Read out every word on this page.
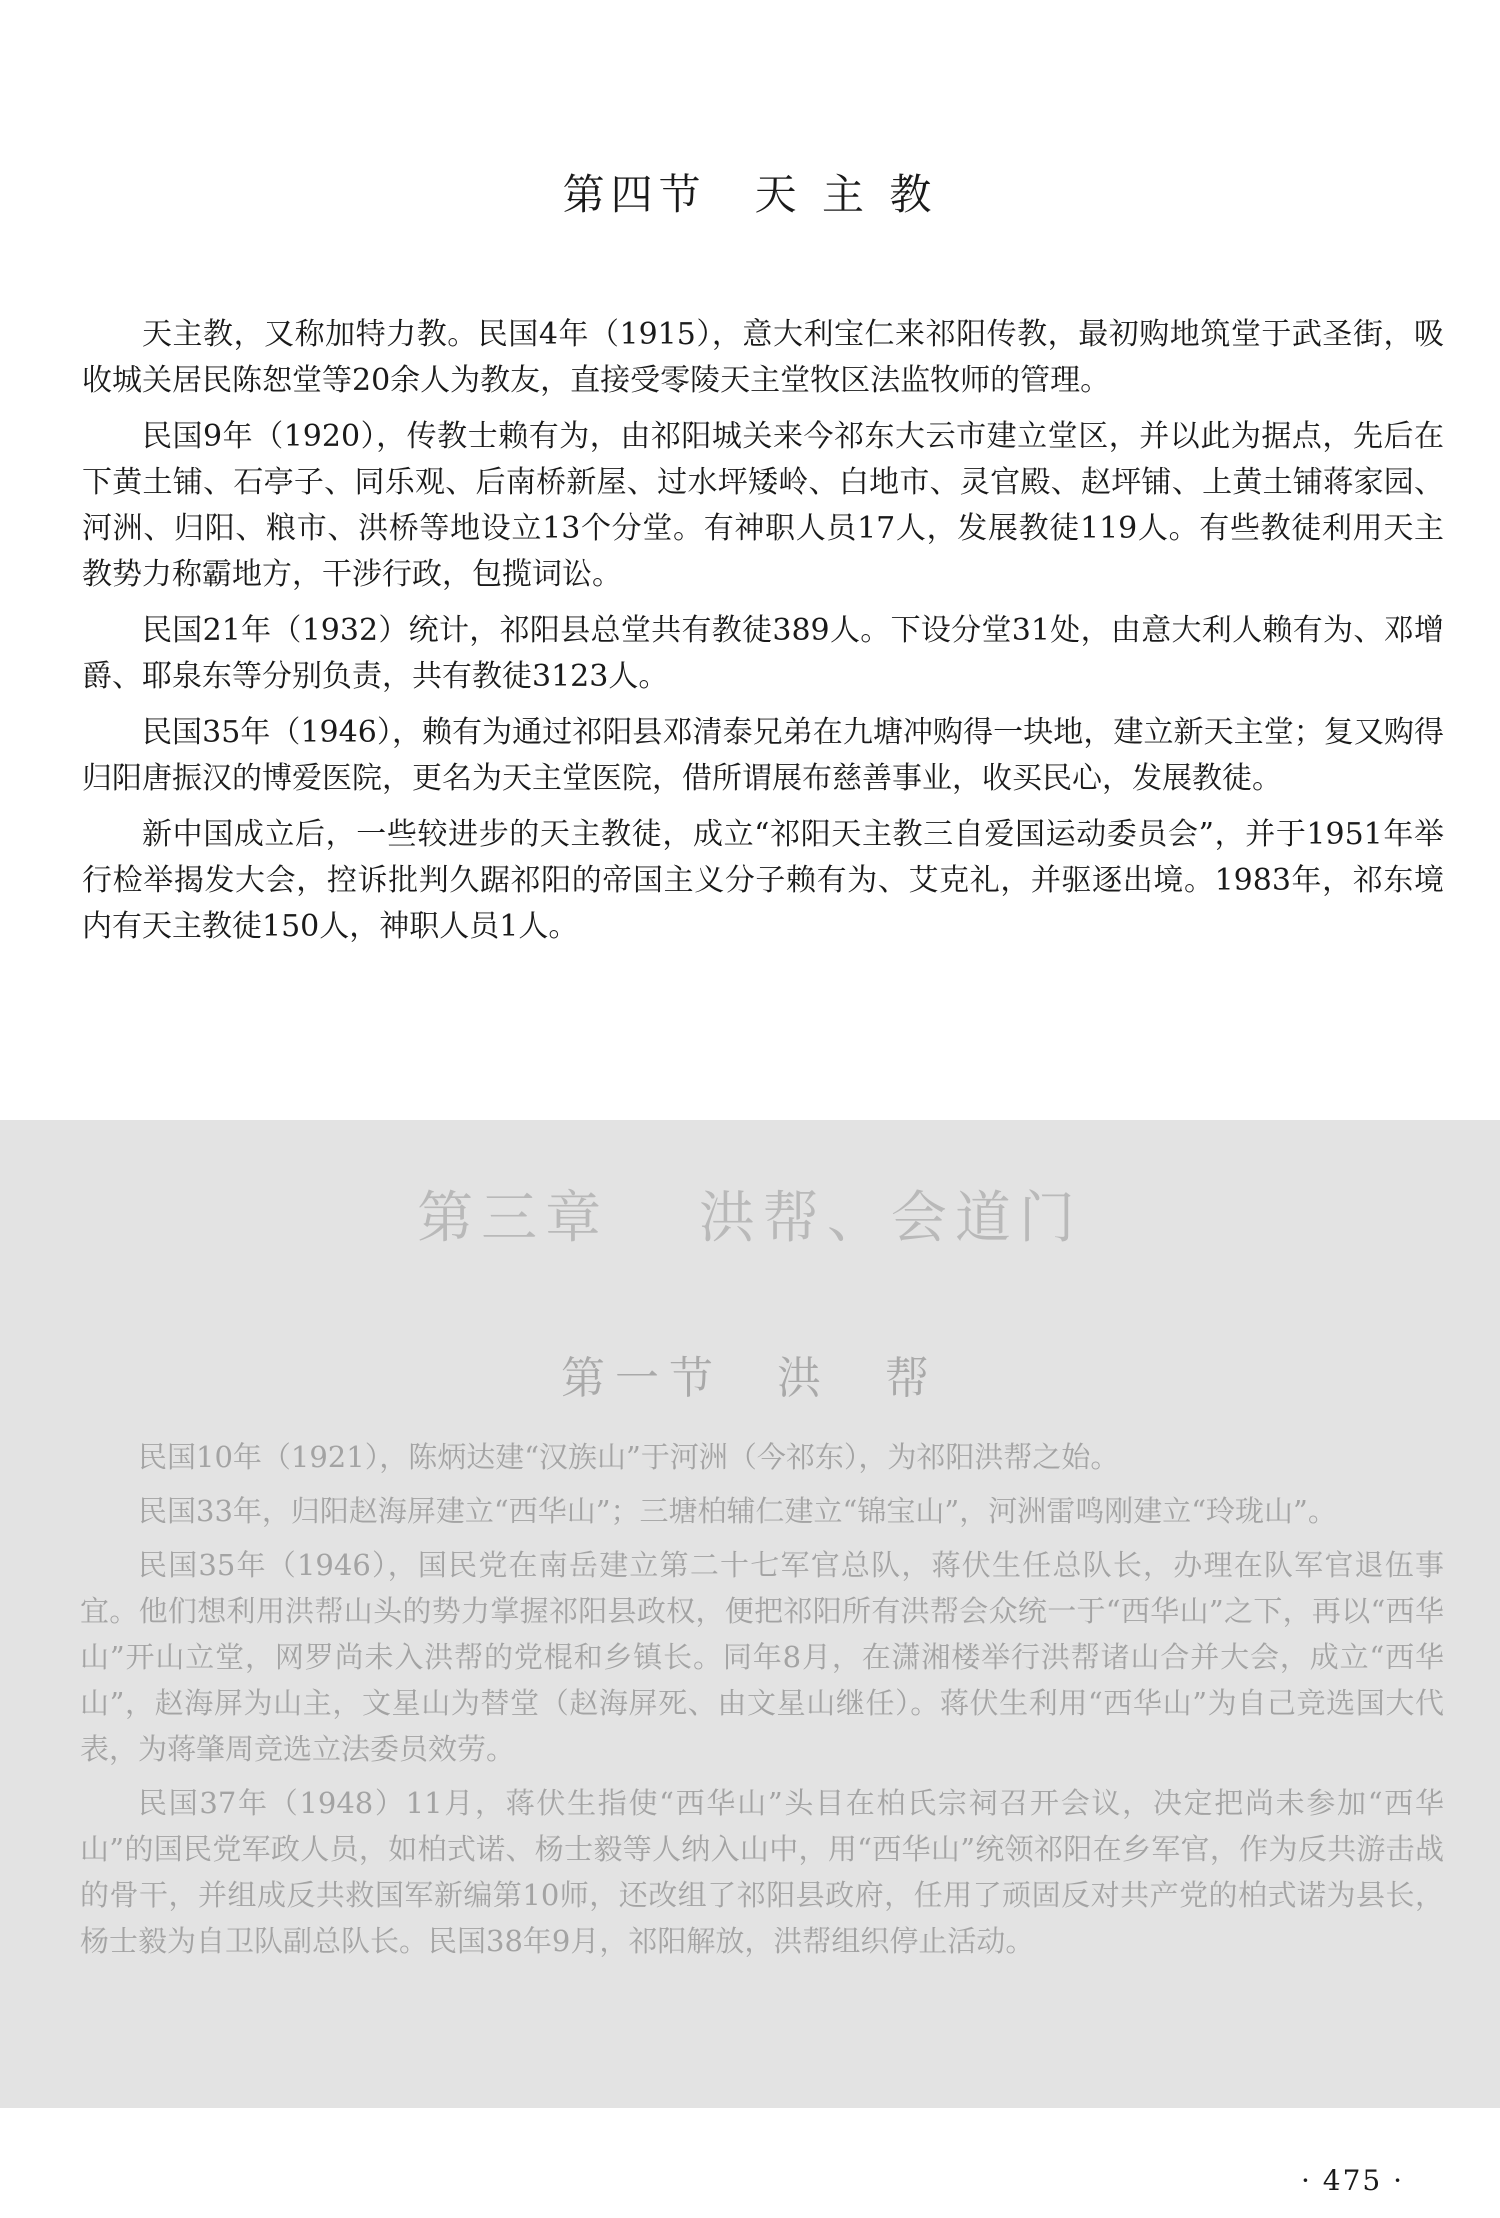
第四节　天 主 教

天主教，又称加特力教。民国4年（1915），意大利宝仁来祁阳传教，最初购地筑堂于武圣街，吸收城关居民陈恕堂等20余人为教友，直接受零陵天主堂牧区法监牧师的管理。

民国9年（1920），传教士赖有为，由祁阳城关来今祁东大云市建立堂区，并以此为据点，先后在下黄土铺、石亭子、同乐观、后南桥新屋、过水坪矮岭、白地市、灵官殿、赵坪铺、上黄土铺蒋家园、河洲、归阳、粮市、洪桥等地设立13个分堂。有神职人员17人，发展教徒119人。有些教徒利用天主教势力称霸地方，干涉行政，包揽词讼。

民国21年（1932）统计，祁阳县总堂共有教徒389人。下设分堂31处，由意大利人赖有为、邓增爵、耶泉东等分别负责，共有教徒3123人。

民国35年（1946），赖有为通过祁阳县邓清泰兄弟在九塘冲购得一块地，建立新天主堂；复又购得归阳唐振汉的博爱医院，更名为天主堂医院，借所谓展布慈善事业，收买民心，发展教徒。

新中国成立后，一些较进步的天主教徒，成立“祁阳天主教三自爱国运动委员会”，并于1951年举行检举揭发大会，控诉批判久踞祁阳的帝国主义分子赖有为、艾克礼，并驱逐出境。1983年，祁东境内有天主教徒150人，神职人员1人。

第三章　 洪帮、会道门
第一节　洪　帮

民国10年（1921），陈炳达建“汉族山”于河洲（今祁东），为祁阳洪帮之始。

民国33年，归阳赵海屏建立“西华山”；三塘柏辅仁建立“锦宝山”，河洲雷鸣刚建立“玲珑山”。

民国35年（1946），国民党在南岳建立第二十七军官总队，蒋伏生任总队长，办理在队军官退伍事宜。他们想利用洪帮山头的势力掌握祁阳县政权，便把祁阳所有洪帮会众统一于“西华山”之下，再以“西华山”开山立堂，网罗尚未入洪帮的党棍和乡镇长。同年8月，在潇湘楼举行洪帮诸山合并大会，成立“西华山”，赵海屏为山主，文星山为替堂（赵海屏死、由文星山继任）。蒋伏生利用“西华山”为自己竞选国大代表，为蒋肇周竞选立法委员效劳。

民国37年（1948）11月，蒋伏生指使“西华山”头目在柏氏宗祠召开会议，决定把尚未参加“西华山”的国民党军政人员，如柏式诺、杨士毅等人纳入山中，用“西华山”统领祁阳在乡军官，作为反共游击战的骨干，并组成反共救国军新编第10师，还改组了祁阳县政府，任用了顽固反对共产党的柏式诺为县长，杨士毅为自卫队副总队长。民国38年9月，祁阳解放，洪帮组织停止活动。

· 475 ·
